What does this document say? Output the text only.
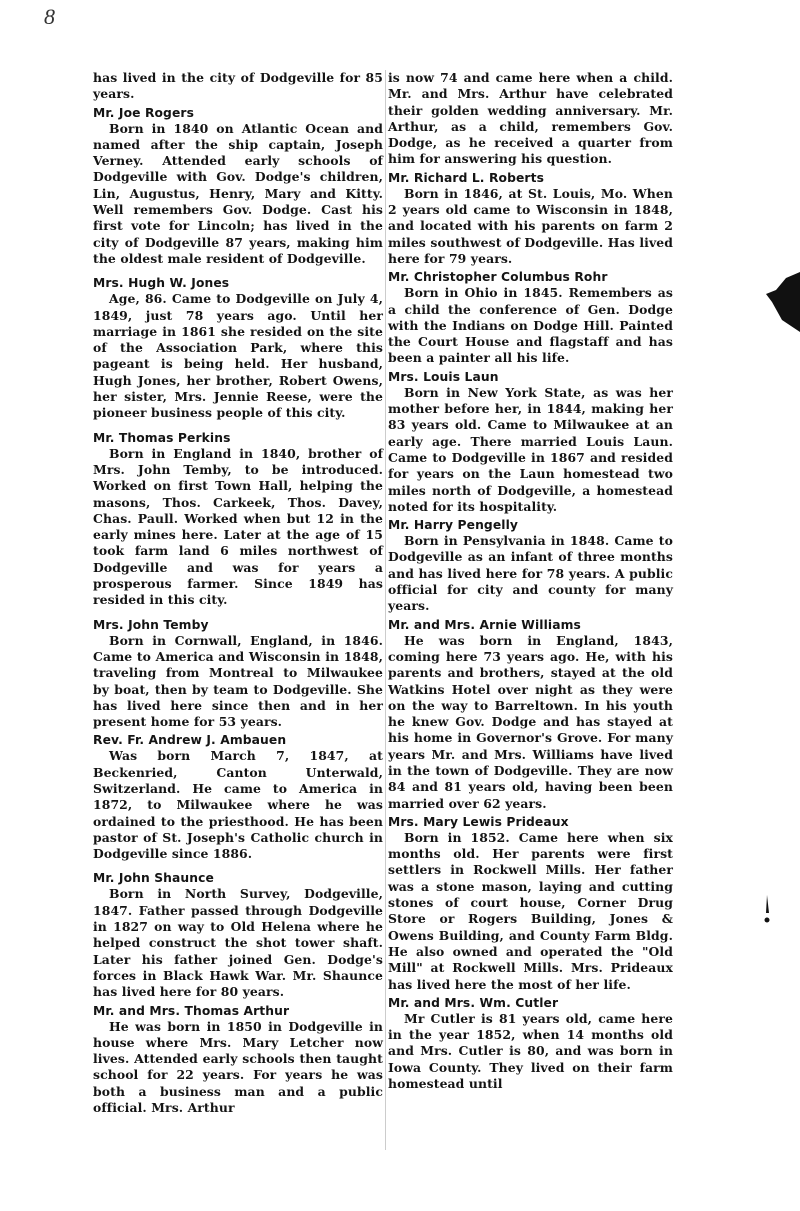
8

has lived in the city of Dodgeville for 85 years.

Mr. Joe Rogers

Born in 1840 on Atlantic Ocean and named after the ship captain, Joseph Verney. Attended early schools of Dodgeville with Gov. Dodge's children, Lin, Augustus, Henry, Mary and Kitty. Well remembers Gov. Dodge. Cast his first vote for Lincoln; has lived in the city of Dodgeville 87 years, making him the oldest male resident of Dodgeville.

Mrs. Hugh W. Jones

Age, 86. Came to Dodgeville on July 4, 1849, just 78 years ago. Until her marriage in 1861 she resided on the site of the Association Park, where this pageant is being held. Her husband, Hugh Jones, her brother, Robert Owens, her sister, Mrs. Jennie Reese, were the pioneer business people of this city.

Mr. Thomas Perkins

Born in England in 1840, brother of Mrs. John Temby, to be introduced. Worked on first Town Hall, helping the masons, Thos. Carkeek, Thos. Davey, Chas. Paull. Worked when but 12 in the early mines here. Later at the age of 15 took farm land 6 miles northwest of Dodgeville and was for years a prosperous farmer. Since 1849 has resided in this city.

Mrs. John Temby

Born in Cornwall, England, in 1846. Came to America and Wisconsin in 1848, traveling from Montreal to Milwaukee by boat, then by team to Dodgeville. She has lived here since then and in her present home for 53 years.

Rev. Fr. Andrew J. Ambauen

Was born March 7, 1847, at Beckenried, Canton Unterwald, Switzerland. He came to America in 1872, to Milwaukee where he was ordained to the priesthood. He has been pastor of St. Joseph's Catholic church in Dodgeville since 1886.

Mr. John Shaunce

Born in North Survey, Dodgeville, 1847. Father passed through Dodgeville in 1827 on way to Old Helena where he helped construct the shot tower shaft. Later his father joined Gen. Dodge's forces in Black Hawk War. Mr. Shaunce has lived here for 80 years.

Mr. and Mrs. Thomas Arthur

He was born in 1850 in Dodgeville in house where Mrs. Mary Letcher now lives. Attended early schools then taught school for 22 years. For years he was both a business man and a public official. Mrs. Arthur

is now 74 and came here when a child. Mr. and Mrs. Arthur have celebrated their golden wedding anniversary. Mr. Arthur, as a child, remembers Gov. Dodge, as he received a quarter from him for answering his question.

Mr. Richard L. Roberts

Born in 1846, at St. Louis, Mo. When 2 years old came to Wisconsin in 1848, and located with his parents on farm 2 miles southwest of Dodgeville. Has lived here for 79 years.

Mr. Christopher Columbus Rohr

Born in Ohio in 1845. Remembers as a child the conference of Gen. Dodge with the Indians on Dodge Hill. Painted the Court House and flagstaff and has been a painter all his life.

Mrs. Louis Laun

Born in New York State, as was her mother before her, in 1844, making her 83 years old. Came to Milwaukee at an early age. There married Louis Laun. Came to Dodgeville in 1867 and resided for years on the Laun homestead two miles north of Dodgeville, a homestead noted for its hospitality.

Mr. Harry Pengelly

Born in Pensylvania in 1848. Came to Dodgeville as an infant of three months and has lived here for 78 years. A public official for city and county for many years.

Mr. and Mrs. Arnie Williams

He was born in England, 1843, coming here 73 years ago. He, with his parents and brothers, stayed at the old Watkins Hotel over night as they were on the way to Barreltown. In his youth he knew Gov. Dodge and has stayed at his home in Governor's Grove. For many years Mr. and Mrs. Williams have lived in the town of Dodgeville. They are now 84 and 81 years old, having been been married over 62 years.

Mrs. Mary Lewis Prideaux

Born in 1852. Came here when six months old. Her parents were first settlers in Rockwell Mills. Her father was a stone mason, laying and cutting stones of court house, Corner Drug Store or Rogers Building, Jones & Owens Building, and County Farm Bldg. He also owned and operated the "Old Mill" at Rockwell Mills. Mrs. Prideaux has lived here the most of her life.

Mr. and Mrs. Wm. Cutler

Mr Cutler is 81 years old, came here in the year 1852, when 14 months old and Mrs. Cutler is 80, and was born in Iowa County. They lived on their farm homestead until
